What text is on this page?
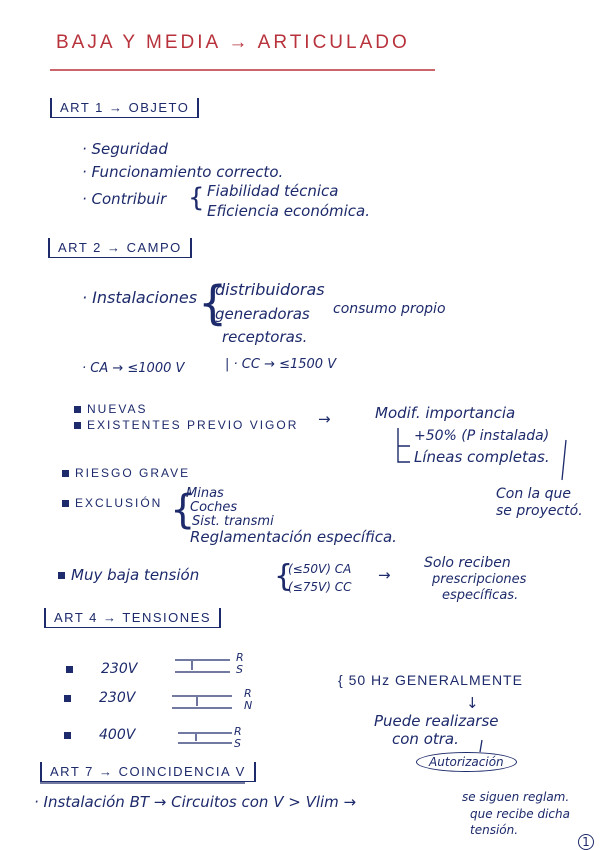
BAJA Y MEDIA → ARTICULADO
ART 1 → OBJETO
· Seguridad
· Funcionamiento correcto.
· Contribuir { Fiabilidad técnica
Eficiencia económica.
ART 2 → CAMPO
· Instalaciones {
distribuidoras
generadoras consumo propio
receptoras.
· CA → ≤1000 V	| · CC → ≤1500 V
NUEVAS
EXISTENTES PREVIO VIGOR →	Modif. importancia
+50% (P instalada)
Líneas completas.
Con la que
se proyectó.
RIESGO GRAVE
EXCLUSIÓN {
Minas
Coches
Sist. transmi
Reglamentación específica.
Muy baja tensión {
(≤50V) CA
(≤75V) CC
→
Solo reciben
prescripciones
específicas.
ART 4 → TENSIONES
230V
R S
230V	R N
400V	R S
{ 50 Hz GENERALMENTE
↓
Puede realizarse
con otra.
Autorización
ART 7 → COINCIDENCIA V
· Instalación BT → Circuitos con V > Vlim →	se siguen reglam.
que recibe dicha
tensión.
1
